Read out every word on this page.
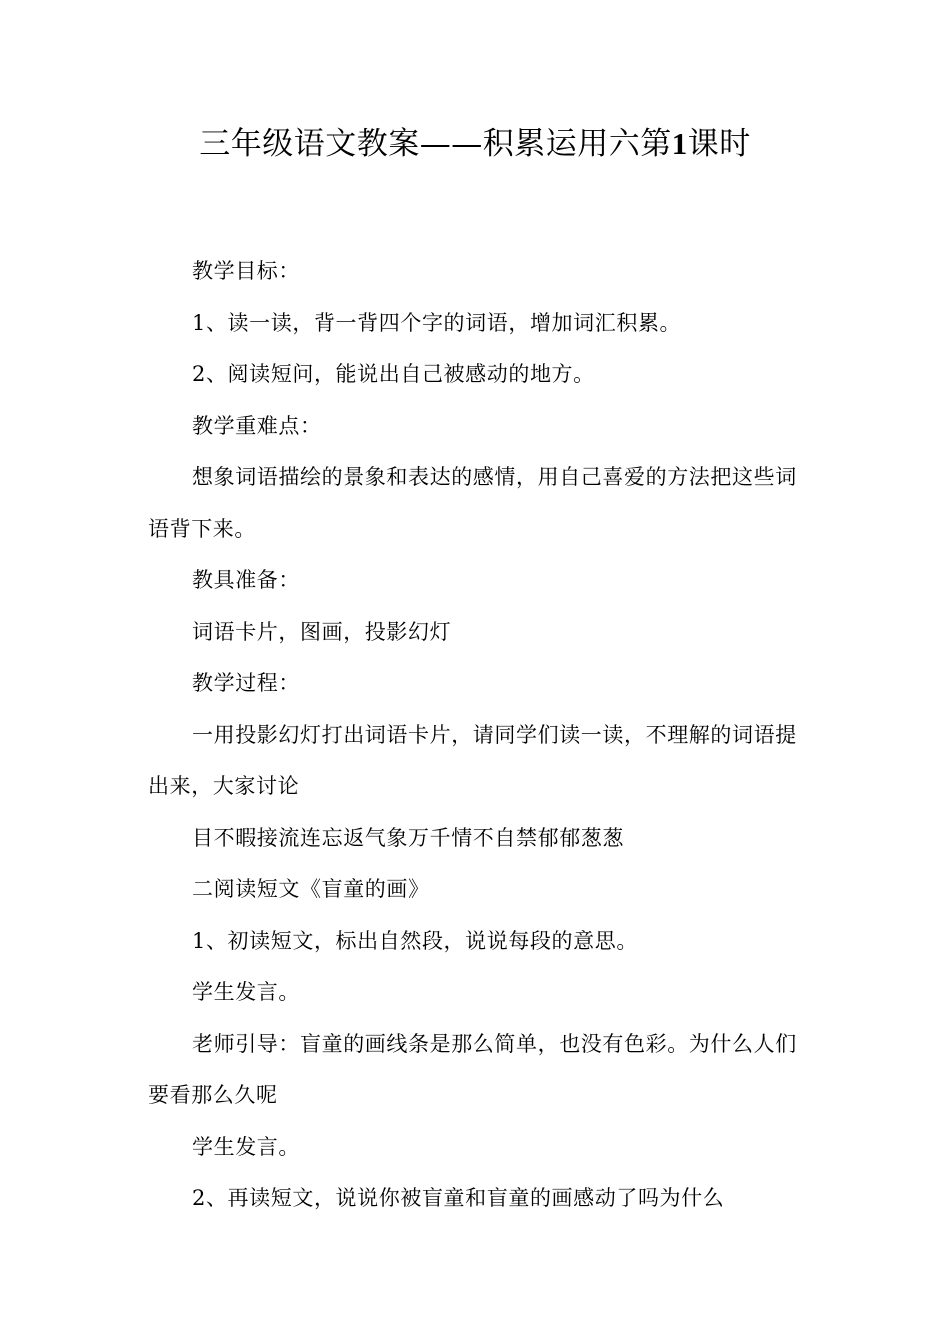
三年级语文教案——积累运用六第1课时

教学目标：

1、读一读，背一背四个字的词语，增加词汇积累。

2、阅读短问，能说出自己被感动的地方。

教学重难点：

想象词语描绘的景象和表达的感情，用自己喜爱的方法把这些词语背下来。

教具准备：

词语卡片，图画，投影幻灯

教学过程：

一用投影幻灯打出词语卡片，请同学们读一读，不理解的词语提出来，大家讨论

目不暇接流连忘返气象万千情不自禁郁郁葱葱

二阅读短文《盲童的画》

1、初读短文，标出自然段，说说每段的意思。

学生发言。

老师引导：盲童的画线条是那么简单，也没有色彩。为什么人们要看那么久呢

学生发言。

2、再读短文，说说你被盲童和盲童的画感动了吗为什么
